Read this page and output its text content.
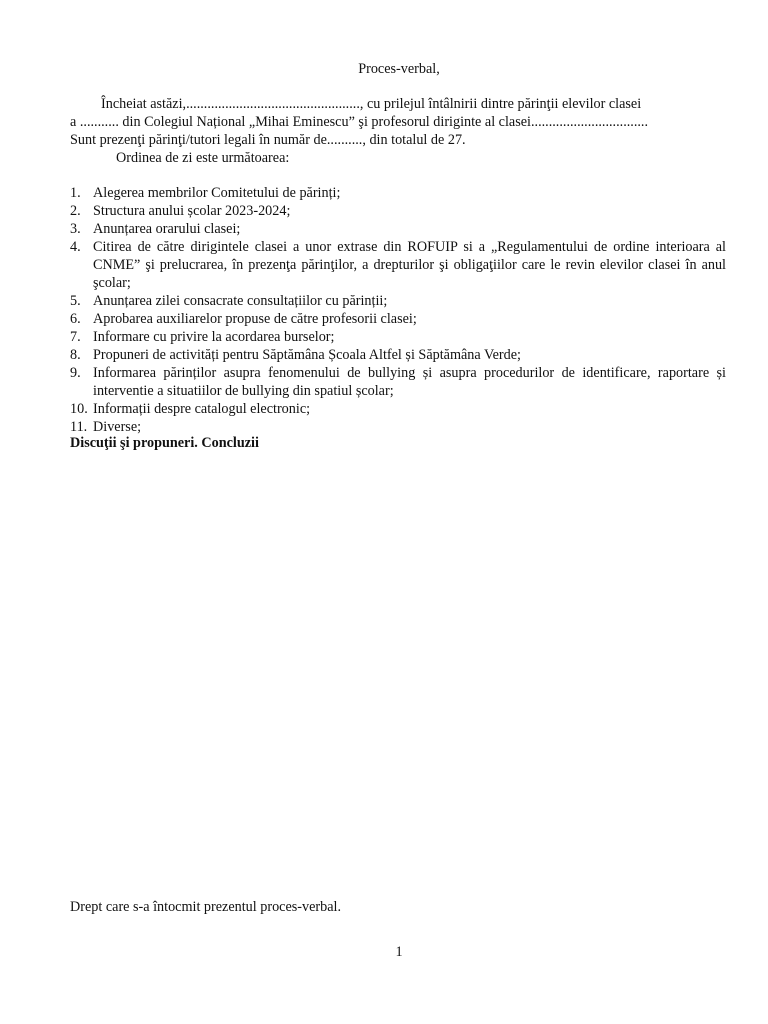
Proces-verbal,
Încheiat astăzi,................................................., cu prilejul întâlnirii dintre părinţii elevilor clasei
a ........... din Colegiul Național „Mihai Eminescu” şi profesorul diriginte al clasei.................................
Sunt prezenţi părinţi/tutori legali în număr de.........., din totalul de 27.
Ordinea de zi este următoarea:
1. Alegerea membrilor Comitetului de părinți;
2. Structura anului școlar 2023-2024;
3. Anunțarea orarului clasei;
4. Citirea de către dirigintele clasei a unor extrase din ROFUIP si a „Regulamentului de ordine interioara al CNME” şi prelucrarea, în prezenţa părinţilor, a drepturilor şi obligaţiilor care le revin elevilor clasei în anul şcolar;
5. Anunțarea zilei consacrate consultațiilor cu părinții;
6. Aprobarea auxiliarelor propuse de către profesorii clasei;
7. Informare cu privire la acordarea burselor;
8. Propuneri de activități pentru Săptămâna Școala Altfel și Săptămâna Verde;
9. Informarea părinților asupra fenomenului de bullying și asupra procedurilor de identificare, raportare și interventie a situatiilor de bullying din spatiul școlar;
10. Informații despre catalogul electronic;
11. Diverse;
Discuţii şi propuneri. Concluzii
Drept care s-a întocmit prezentul proces-verbal.
1
